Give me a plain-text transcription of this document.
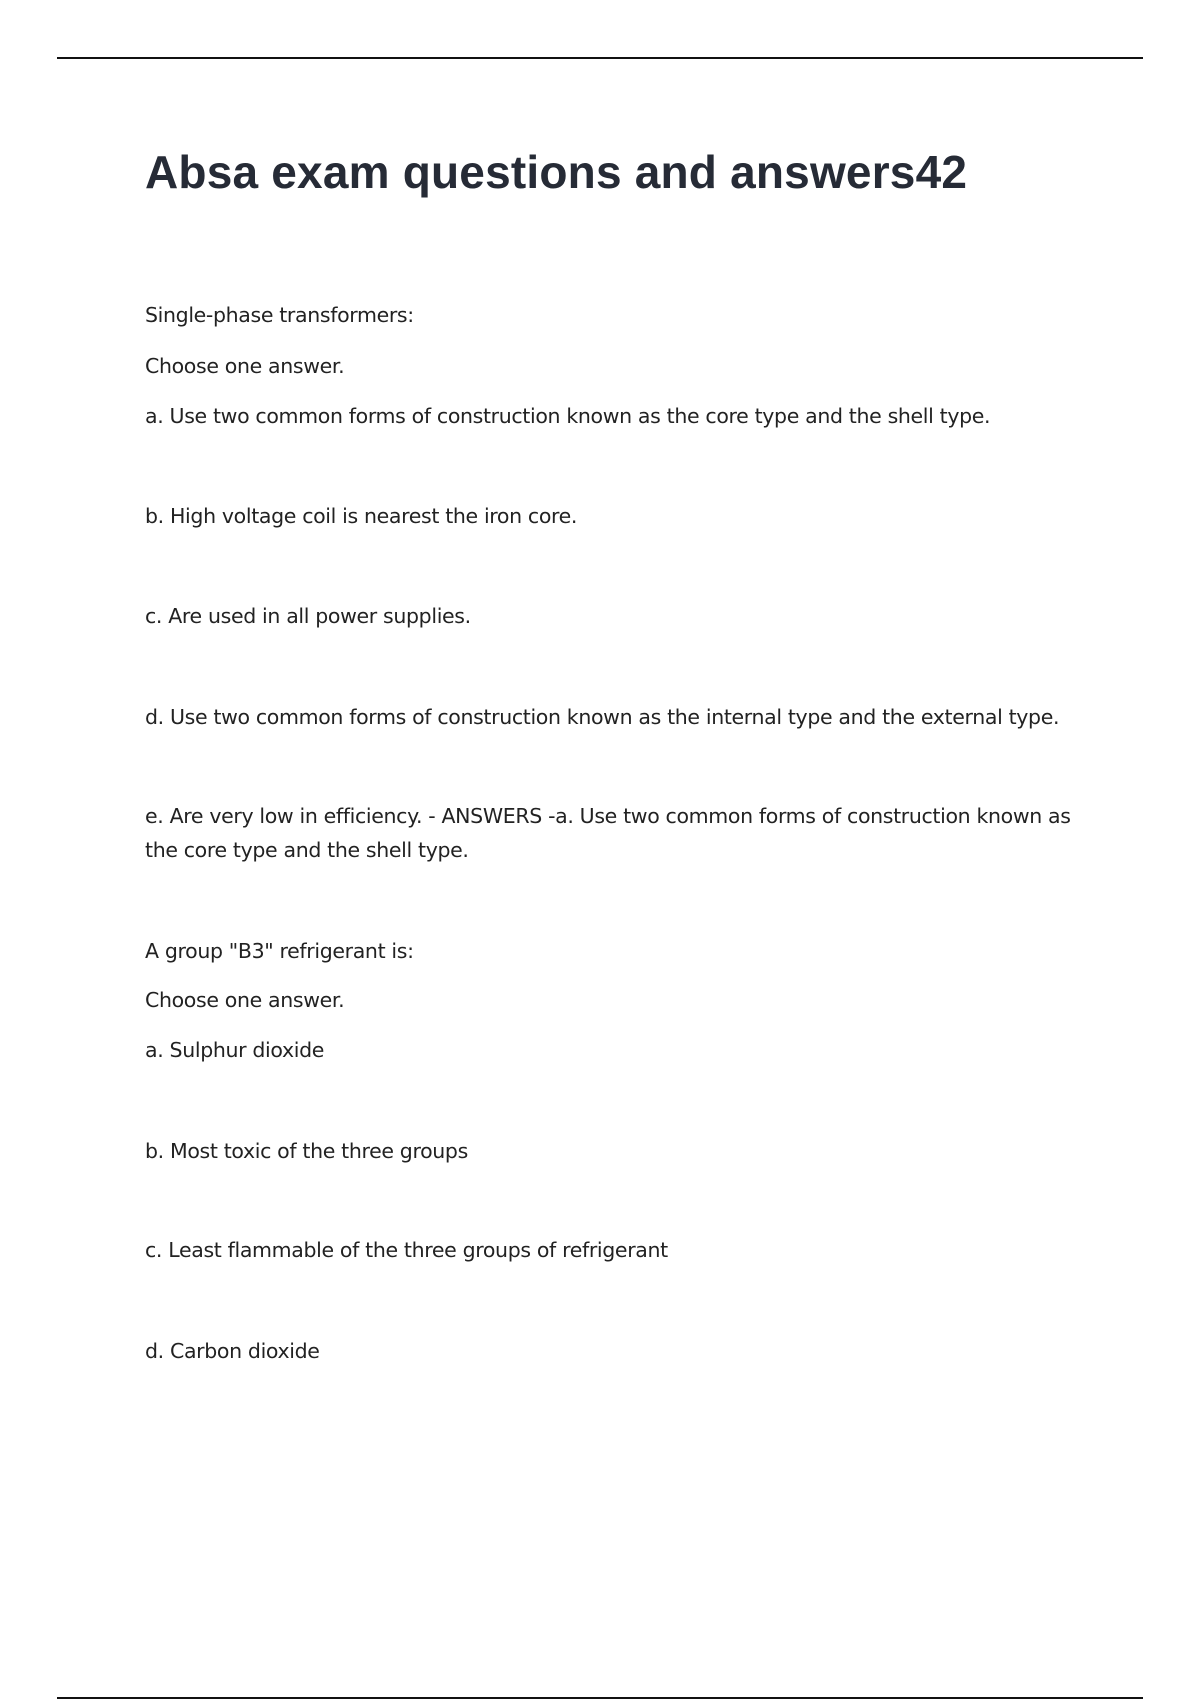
Absa exam questions and answers42

Single-phase transformers:

Choose one answer.

a. Use two common forms of construction known as the core type and the shell type.

b. High voltage coil is nearest the iron core.

c. Are used in all power supplies.

d. Use two common forms of construction known as the internal type and the external type.

e. Are very low in efficiency. - ANSWERS -a. Use two common forms of construction known as the core type and the shell type.

A group "B3" refrigerant is:

Choose one answer.

a. Sulphur dioxide

b. Most toxic of the three groups

c. Least flammable of the three groups of refrigerant

d. Carbon dioxide
